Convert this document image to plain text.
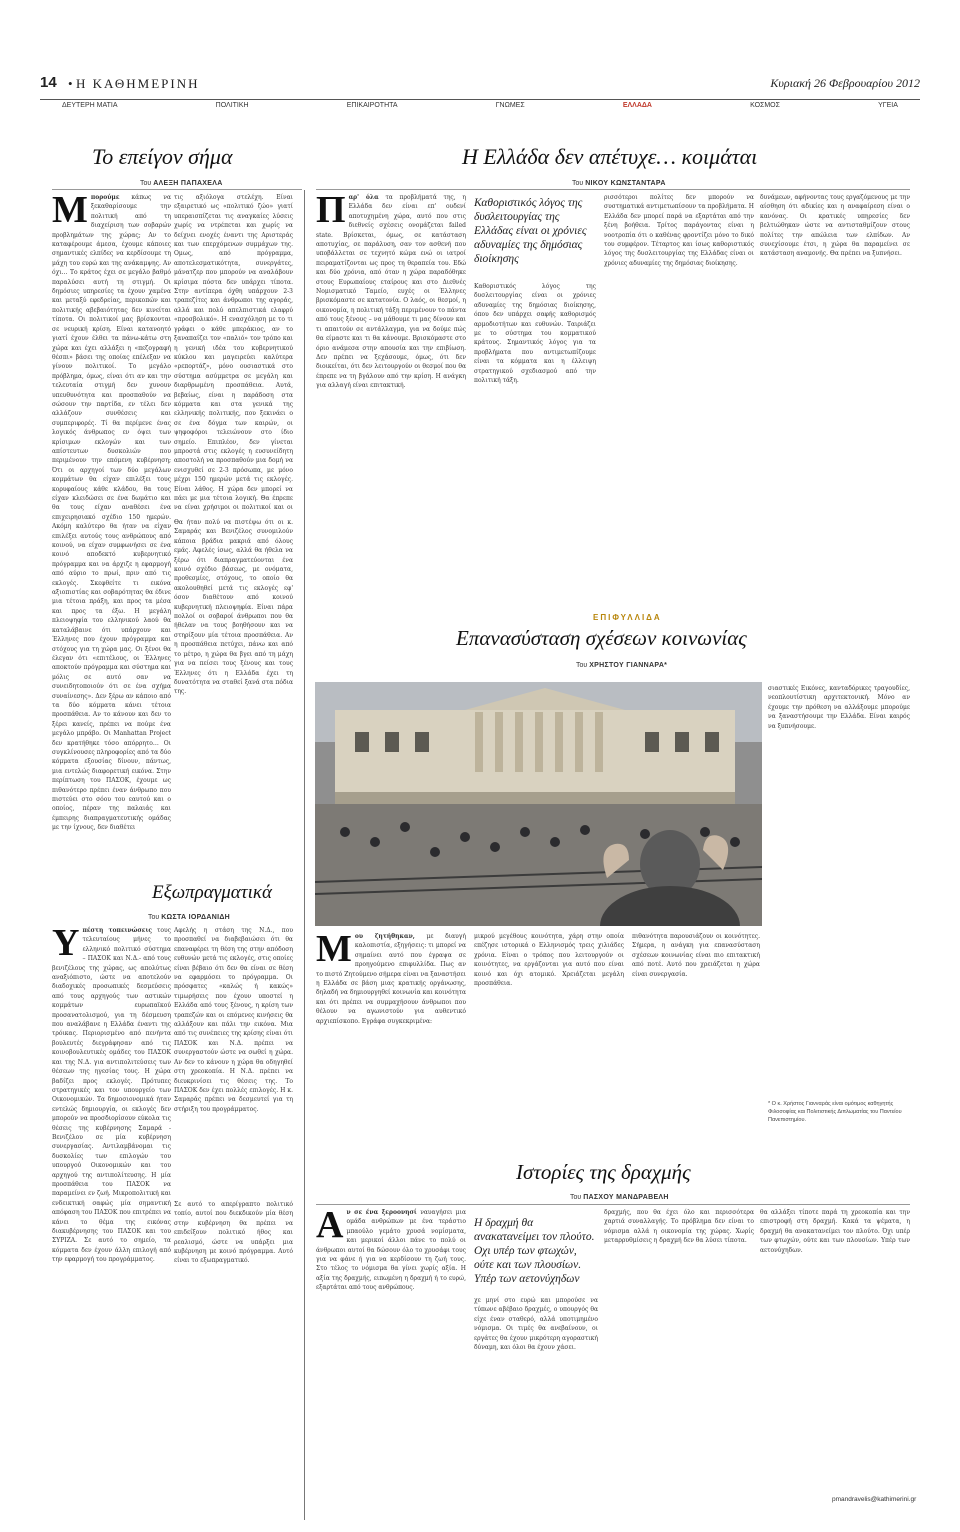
14 • Η ΚΑΘΗΜΕΡΙΝΗ	Κυριακή 26 Φεβρουαρίου 2012
ΔΕΥΤΕΡΗ ΜΑΤΙΑ	ΠΟΛΙΤΙΚΗ	ΕΠΙΚΑΙΡΟΤΗΤΑ	ΓΝΩΜΕΣ	ΕΛΛΑΔΑ	ΚΟΣΜΟΣ	ΥΓΕΙΑ
Το επείγον σήμα
Του ΑΛΕΞΗ ΠΑΠΑΧΕΛΑ
Μ πορούμε κάπως να ξεκαθαρίσουμε την πολιτική από τη διαχείριση των σοβαρών προβλημάτων της χώρας; Αν το καταφέρουμε άμεσα, έχουμε κάποιες σημαντικές ελπίδες να κερδίσουμε τη μάχη του ευρώ και της ανάκαμψης. Αν όχι… Το κράτος έχει σε μεγάλο βαθμό παραλύσει αυτή τη στιγμή. Οι δημόσιες υπηρεσίες τα έχουν χαμένα και μεταξύ εφεδρείας, περικοπών και πολιτικής αβεβαιότητας δεν κινείται τίποτα. Οι πολιτικοί μας βρίσκονται σε νευρική κρίση. Είναι κατανοητό γιατί έχουν έλθει τα πάνω-κάτω στη χώρα και έχει αλλάξει η «πεζογραφή θέσπι» βάσει της οποίας επέλεξαν να γίνουν πολιτικοί. Το μεγάλο πρόβλημα, όμως, είναι ότι αν και την τελευταία στιγμή δεν χυνουν υπευθυνότητα και προσπαθούν να σώσουν την παρτίδα, εν τέλει δεν αλλάζουν συνθέσεις και συμπεριφορές. Τί θα περίμενε ένας λογικός άνθρωπος εν όψει των κρίσιμων εκλογών και των απίστευτων δυσκολιών που περιμένουν την επόμενη κυβέρνηση; Ότι οι αρχηγοί των δύο μεγάλων κομμάτων θα είχαν επιλέξει τους κορυφαίους κάθε κλάδου, θα τους είχαν κλειδώσει σε ένα δωμάτιο και θα τους είχαν αναθέσει ένα επιχειρησιακό σχέδιο 150 ημερών. Ακόμη καλύτερο θα ήταν να είχαν επιλέξει αυτούς τους ανθρώπους από κοινού, να είχαν συμφωνήσει σε ένα κοινό αποδεκτό κυβερνητικό πρόγραμμα και να άρχιζε η εφαρμογή από αύριο το πρωί, πριν από τις εκλογές. Σκεφθείτε τι εικόνα αξιοπιστίας και σοβαρότητας θα έδινε μια τέτοια πράξη, και προς τα μέσα και προς τα έξω. Η μεγάλη πλειοψηφία του ελληνικού λαού θα καταλάβαινε ότι υπάρχουν και Έλληνες που έχουν πρόγραμμα και στόχους για τη χώρα μας. Οι ξένοι θα έλεγαν ότι «επιτέλους, οι Έλληνες αποκτούν πρόγραμμα και σύστημα και μόλις σε αυτό σαν να συνειδητοποιούν ότι σε ένα σχήμα συναίνεσης». Δεν ξέρω αν κάποιο από τα δύο κόμματα κάνει τέτοια προσπάθεια. Αν το κάνουν και δεν το ξέρει κανείς, πρέπει να πούμε ένα μεγάλο μπράβο. Οι Manhattan Project δεν κρατήθηκε τόσο απόρρητο… Οι συγκλίνουσες πληροφορίες από τα δύο κόμματα εξουσίας δίνουν, πάντως, μια εντελώς διαφορετική εικόνα. Στην περίπτωση του ΠΑΣΟΚ, έχουμε ως πιθανότερο πρέπει έναν άνθρωπο που πιστεύει στο σόου του εαυτού και ο οποίος, πέραν της παλαιάς και έμπειρης διαπραγματευτικής ομάδας με την ίχνους, δεν διαθέτει
τις αξιόλογα στελέχη. Είναι εξαιρετικό ως «πολιτικό ζώο» γιατί υπεραισπίζεται τις αναγκαίες λύσεις χωρίς να ντρέπεται και χωρίς να δείχνει ενοχές έναντι της Αριστεράς και των επερχόμενων συμμάχων της. Ομως, από πρόγραμμα, αποτελεσματικότητα, συνεργάτες, μάνατζερ που μπορούν να αναλάβουν κρίσιμα πόστα δεν υπάρχει τίποτα. Στην αντίπερα όχθη υπάρχουν 2-3 τραπεζίτες και άνθρωποι της αγοράς, αλλά και πολύ απελπιστικά ελαφρύ «προσβολικό». Η ενασχόληση με το τι γράφει ο κάθε μπεράκιος, αν το ξαναπαίζει τον «παλιό» τον τρόπο και η γενική ιδέα του κυβερνητικού κύκλου και μαγειρεύει καλύτερα «ρεπορτάζ», μόνο ουσιαστικά στο σύστημα ασύμμετρα σε μεγάλη και διαρθρωμένη προσπάθεια. Αυτά, βεβαίως, είναι η παράδοση στα κόμματα και στα γενικά της ελληνικής πολιτικής, που ξεκινάει ο σε ένα δόγμα των καιρών, οι ψηφοφόροι τελειώνουν στο ίδιο σημείο. Επιπλέον, δεν γίνεται μπροστά στις εκλογές η ευσυνείδητη αποστολή να προσπαθούν μια δομή να ενισχυθεί σε 2-3 πρόσωπα, με μόνο μέχρι 150 ημερών μετά τις εκλογές. Είναι λάθος. Η χώρα δεν μπορεί να πάει με μια τέτοια λογική. Θα έπρεπε να είναι χρήσιμοι οι πολιτικοί και οι
Θα ήταν πολύ να πιστέψω ότι οι κ. Σαμαράς και Βενιζέλος συνομιλούν κάποια βράδια μακριά από όλους εμάς. Αφελές ίσως, αλλά θα ήθελα να ξέρω ότι διαπραγματεύονται ένα κοινό σχέδιο βάσεως, με ονόματα, προθεσμίες, στόχους, το οποίο θα ακολουθηθεί μετά τις εκλογές εφ' όσον διαθέτουν από κοινού κυβερνητική πλειοψηφία. Είναι πάρα πολλοί οι σοβαροί άνθρωποι που θα ήθελαν να τους βοηθήσουν και να στηρίξουν μία τέτοια προσπάθεια. Αν η προσπάθεια πετύχει, πάνω και από το μέτρο, η χώρα θα βγει από τη μάχη για να πείσει τους ξένους και τους Έλληνες ότι η Ελλάδα έχει τη δυνατότητα να σταθεί ξανά στα πόδια της.
Εξωπραγματικά
Του ΚΩΣΤΑ ΙΟΡΔΑΝΙΔΗ
Υ πέστη τοπεινώσεις τους τελευταίους μήνες το ελληνικό πολιτικό σύστημα – ΠΑΣΟΚ και Ν.Δ.- από τους βενιζέλους της χώρας, ως απολύτως αναξιόπιστο, ώστε να αποτελούν διαδοχικές προσωπικές δεσμεύσεις από τους αρχηγούς των αστικών κομμάτων ευρωπαϊκού προσανατολισμού, για τη δέσμευση που αναλάβανε η Ελλάδα έναντι της τρόικας. Περιορισμένο από πενήντα βουλευτές διεγράφησαν από τις κοινοβουλευτικές ομάδες του ΠΑΣΟΚ και της Ν.Δ. για αντιπολιτεύσεις των θέσεων της ηγεσίας τους. Η χώρα βαδίζει προς εκλογές. Πρότυπες στρατηγικές και τον υπουργείο των Οικονομικών. Τα δημοσιονομικά ήταν εντελώς δημιουργία, οι εκλογές δεν μπορούν να προσδιορίσουν εύκολα τις θέσεις της κυβέρνησης Σαμαρά - Βενιζέλου σε μία κυβέρνηση συνεργασίας. Αντιλαμβάνομαι τις δυσκολίες των επιλογών του υπουργού Οικονομικών και του αρχηγού της αντιπολίτευσης. Η μία προσπάθεια του ΠΑΣΟΚ να παραμείνει εν ζωή. Μικροπολιτική και ενδεικτική σαφώς μία σημαντική απόφαση του ΠΑΣΟΚ που επιτρέπει να κάνει το θέμα της εικόνας διακυβέρνησης του ΠΑΣΟΚ και του ΣΥΡΙΖΑ. Σε αυτό το σημείο, τα κόμματα δεν έχουν άλλη επιλογή από την εφαρμογή του προγράμματος.
Αφελής η στάση της Ν.Δ., που προσπαθεί να διαβεβαιώσει ότι θα επαναφέρει τη θέση της στην απόδοση ευθυνών μετά τις εκλογές, στις οποίες είναι βέβαιο ότι δεν θα είναι σε θέση να εφαρμόσει το πρόγραμμα. Οι πρόσφατες «καλώς ή κακώς» τιμωρήσεις που έχουν υποστεί η Ελλάδα από τους ξένους, η κρίση των τραπεζών και οι επόμενες κινήσεις θα αλλάξουν και πάλι την εικόνα. Μια από τις συνέπειες της κρίσης είναι ότι ΠΑΣΟΚ και Ν.Δ. πρέπει να συνεργαστούν ώστε να σωθεί η χώρα. Αν δεν το κάνουν η χώρα θα οδηγηθεί στη χρεοκοπία. Η Ν.Δ. πρέπει να διευκρινίσει τις θέσεις της. Το ΠΑΣΟΚ δεν έχει πολλές επιλογές. Η κ. Σαμαράς πρέπει να δεσμευτεί για τη στήριξη του προγράμματος.
Σε αυτό το απερίγραπτο πολιτικό τοπίο, αυτοί που διεκδικούν μία θέση στην κυβέρνηση θα πρέπει να επιδείξουν πολιτικό ήθος και ρεαλισμό, ώστε να υπάρξει μια κυβέρνηση με κοινό πρόγραμμα. Αυτό είναι το εξωπραγματικό.
Η Ελλάδα δεν απέτυχε… κοιμάται
Του ΝΙΚΟΥ ΚΩΝΣΤΑΝΤΑΡΑ
Π αρ' όλα τα προβλήματά της, η Ελλάδα δεν είναι επ' ουδενί αποτυχημένη χώρα, αυτό που στις διεθνείς σχέσεις ονομάζεται failed state. Βρίσκεται, όμως, σε κατάσταση αποτυχίας, σε παράλυση, σαν τον ασθενή που υποβάλλεται σε τεχνητό κώμα ενώ οι ιατροί πειραματίζονται ως προς τη θεραπεία του. Εδώ και δύο χρόνια, από όταν η χώρα παραδόθηκε στους Ευρωπαίους εταίρους και στο Διεθνές Νομισματικό Ταμείο, ευχές οι Έλληνες βρισκόμαστε σε κατατονία. Ο λαός, οι θεσμοί, η οικονομία, η πολιτική τάξη περιμένουν το πάντα από τους ξένους – να μάθουμε τι μας δίνουν και τι απαιτούν σε αντάλλαγμα, για να δούμε πώς θα είμαστε και τι θα κάνουμε. Βρισκόμαστε στο όριο ανάμεσα στην απουσία και την επιβίωση. Δεν πρέπει να ξεχάσουμε, όμως, ότι δεν διοικείται, ότι δεν λειτουργούν οι θεσμοί που θα έπρεπε να τη βγάλουν από την κρίση. Η ανάγκη για αλλαγή είναι επιτακτική.
Καθοριστικός λόγος της δυσλειτουργίας της Ελλάδας είναι οι χρόνιες αδυναμίες της δημόσιας διοίκησης
Καθοριστικός λόγος της δυσλειτουργίας είναι οι χρόνιες αδυναμίες της δημόσιας διοίκησης, όπου δεν υπάρχει σαφής καθορισμός αρμοδιοτήτων και ευθυνών. Ταιριάζει με το σύστημα του κομματικού κράτους. Σημαντικός λόγος για τα προβλήματα που αντιμετωπίζουμε είναι τα κόμματα και η έλλειψη στρατηγικού σχεδιασμού από την πολιτική τάξη.
ρισσότεροι πολίτες δεν μπορούν να συστηματικά αντιμετωπίσουν τα προβλήματα. Η Ελλάδα δεν μπορεί παρά να εξαρτάται από την ξένη βοήθεια. Τρίτος παράγοντας είναι η νοοτροπία ότι ο καθένας φροντίζει μόνο το δικό του συμφέρον. Τέταρτος και ίσως καθοριστικός λόγος της δυσλειτουργίας της Ελλάδας είναι οι χρόνιες αδυναμίες της δημόσιας διοίκησης.
δυνάμεων, αφήνοντας τους εργαζόμενους με την αίσθηση ότι αδικίες και η αναφαίρεση είναι ο κανόνας. Οι κρατικές υπηρεσίες δεν βελτιώθηκαν ώστε να αντισταθμίζουν στους πολίτες την απώλεια των ελπίδων. Αν συνεχίσουμε έτσι, η χώρα θα παραμείνει σε κατάσταση αναμονής. Θα πρέπει να ξυπνήσει.
ΕΠΙΦΥΛΛΙΔΑ
Επανασύσταση σχέσεων κοινωνίας
Του ΧΡΗΣΤΟΥ ΓΙΑΝΝΑΡΑ*
Μ ου ζητήθηκαν, με διαυγή καλοπιστία, εξηγήσεις: τι μπορεί να σημαίνει αυτό που έγραψα σε προηγούμενο επιφυλλίδα. Πως αν το πιστό Ζητούμενο σήμερα είναι να ξαναστήσει η Ελλάδα σε βάση μιας κρατικής οργάνωσης, δηλαδή να δημιουργηθεί κοινωνία και κοινότητα και ότι πρέπει να συμμαχήσουν άνθρωποι που θέλουν να αγωνιστούν για αυθεντικό αρχιεπίσκοπο. Εγράφα συγκεκριμένα:
μικρού μεγέθους κοινότητα, χάρη στην οποία επέζησε ιστορικά ο Ελληνισμός τρεις χιλιάδες χρόνια. Είναι ο τρόπος που λειτουργούν οι κοινότητες, να εργάζονται για αυτό που είναι κοινό και όχι ατομικό. Χρειάζεται μεγάλη προσπάθεια.
πιθανότητα παρουσιάζουν οι κοινότητες. Σήμερα, η ανάγκη για επανασύσταση σχέσεων κοινωνίας είναι πιο επιτακτική από ποτέ. Αυτό που χρειάζεται η χώρα είναι συνεργασία.
σιαστικές Εικόνες, κανταδόρικες τραγουδίες, νεοπλουτίστικη αρχιτεκτονική. Μόνο αν έχουμε την πρόθεση να αλλάξουμε μπορούμε να ξαναστήσουμε την Ελλάδα. Είναι καιρός να ξυπνήσουμε.
* Ο κ. Χρήστος Γιανναράς είναι ομότιμος καθηγητής Φιλοσοφίας και Πολιτιστικής Διπλωματίας του Παντείου Πανεπιστημίου.
Ιστορίες της δραχμής
Του ΠΑΣΧΟΥ ΜΑΝΔΡΑΒΕΛΗ
Α ν σε ένα ξεροονησί ναυαγήσει μια ομάδα ανθρώπων με ένα τεράστιο μπαούλο γεμάτο χρυσά νομίσματα, και μερικοί άλλοι πάνε το πολύ οι άνθρωποι αυτοί θα δώσουν όλο το χρυσάφι τους για να φάνε ή για να κερδίσουν τη ζωή τους. Στο τέλος το νόμισμα θα γίνει χωρίς αξία. Η αξία της δραχμής, ειπωμένη η δραχμή ή το ευρώ, εξαρτάται από τους ανθρώπους.
Η δραχμή θα ανακαταvείμει τον πλούτο. Οχι υπέρ των φτωχών, ούτε και των πλουσίων. Υπέρ των αετονύχηδων
χε μηνί στο ευρώ και μπορούσε να τύπωνε αβέβαιο δραχμές, ο υπουργός θα είχε έναν σταθερό, αλλά υποτιμημένο νόμισμα. Οι τιμές θα ανεβαίνουν, οι εργάτες θα έχουν μικρότερη αγοραστική δύναμη, και όλοι θα έχουν χάσει.
δραχμής, που θα έχει όλο και περισσότερα χαρτιά συναλλαγής. Το πρόβλημα δεν είναι το νόμισμα αλλά η οικονομία της χώρας. Χωρίς μεταρρυθμίσεις η δραχμή δεν θα λύσει τίποτα.
θα αλλάξει τίποτε παρά τη χρεοκοπία και την επιστροφή στη δραχμή. Κακά τα ψέματα, η δραχμή θα ανακατανείμει τον πλούτο. Όχι υπέρ των φτωχών, ούτε και των πλουσίων. Υπέρ των αετονύχηδων.
pmandravelis@kathimerini.gr
